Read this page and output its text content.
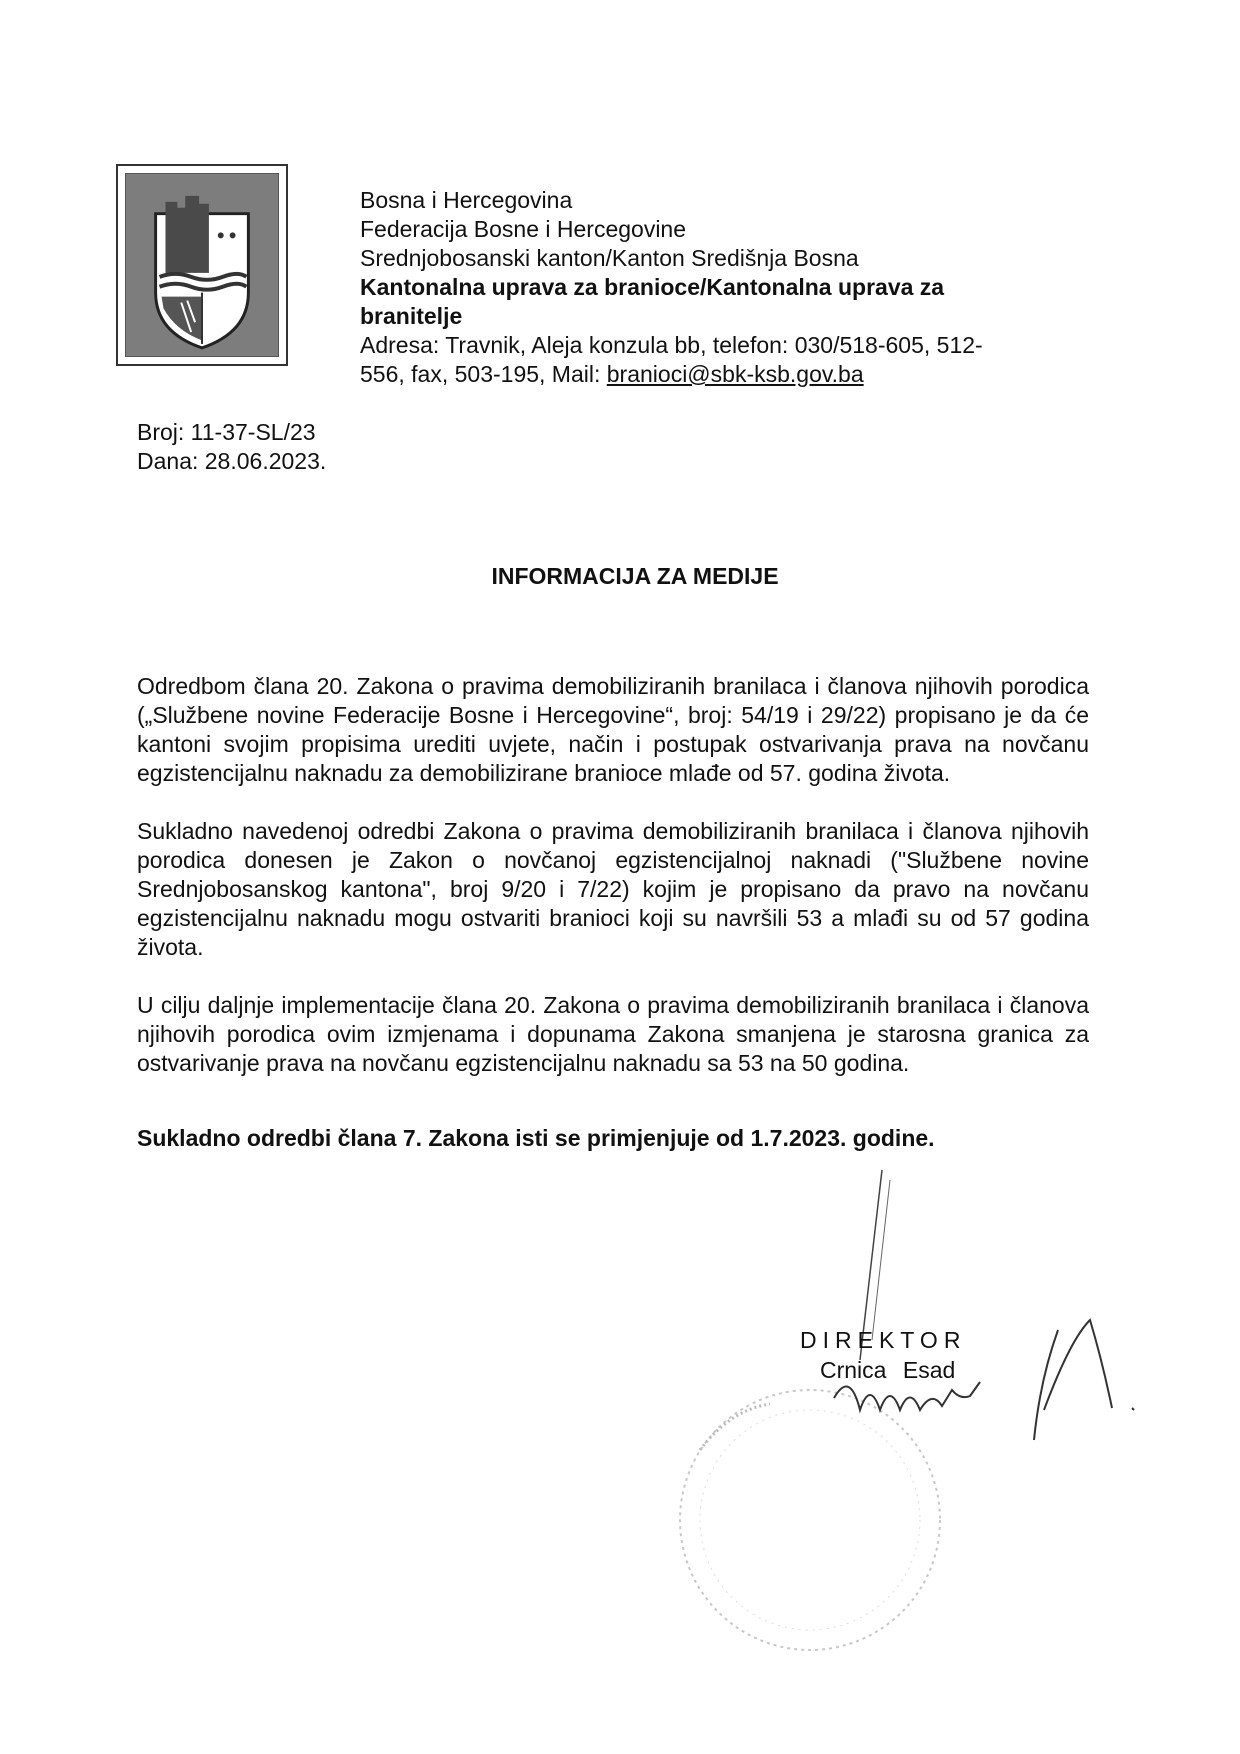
Bosna i Hercegovina
Federacija Bosne i Hercegovine
Srednjobosanski kanton/Kanton Središnja Bosna
Kantonalna uprava za branioce/Kantonalna uprava za
branitelje
Adresa: Travnik, Aleja konzula bb, telefon: 030/518-605, 512-
556, fax, 503-195, Mail: branioci@sbk-ksb.gov.ba
Broj: 11-37-SL/23
Dana: 28.06.2023.
INFORMACIJA ZA MEDIJE

Odredbom člana 20. Zakona o pravima demobiliziranih branilaca i članova njihovih porodica („Službene novine Federacije Bosne i Hercegovine“, broj: 54/19 i 29/22) propisano je da će kantoni svojim propisima urediti uvjete, način i postupak ostvarivanja prava na novčanu egzistencijalnu naknadu za demobilizirane branioce mlađe od 57. godina života.

Sukladno navedenoj odredbi Zakona o pravima demobiliziranih branilaca i članova njihovih porodica donesen je Zakon o novčanoj egzistencijalnoj naknadi ("Službene novine Srednjobosanskog kantona", broj 9/20 i 7/22) kojim je propisano da pravo na novčanu egzistencijalnu naknadu mogu ostvariti branioci koji su navršili 53 a mlađi su od 57 godina života.

U cilju daljnje implementacije člana 20. Zakona o pravima demobiliziranih branilaca i članova njihovih porodica ovim izmjenama i dopunama Zakona smanjena je starosna granica za ostvarivanje prava na novčanu egzistencijalnu naknadu sa 53 na 50 godina.

Sukladno odredbi člana 7. Zakona isti se primjenjuje od 1.7.2023. godine.

DIREKTOR
Crnica Esad
